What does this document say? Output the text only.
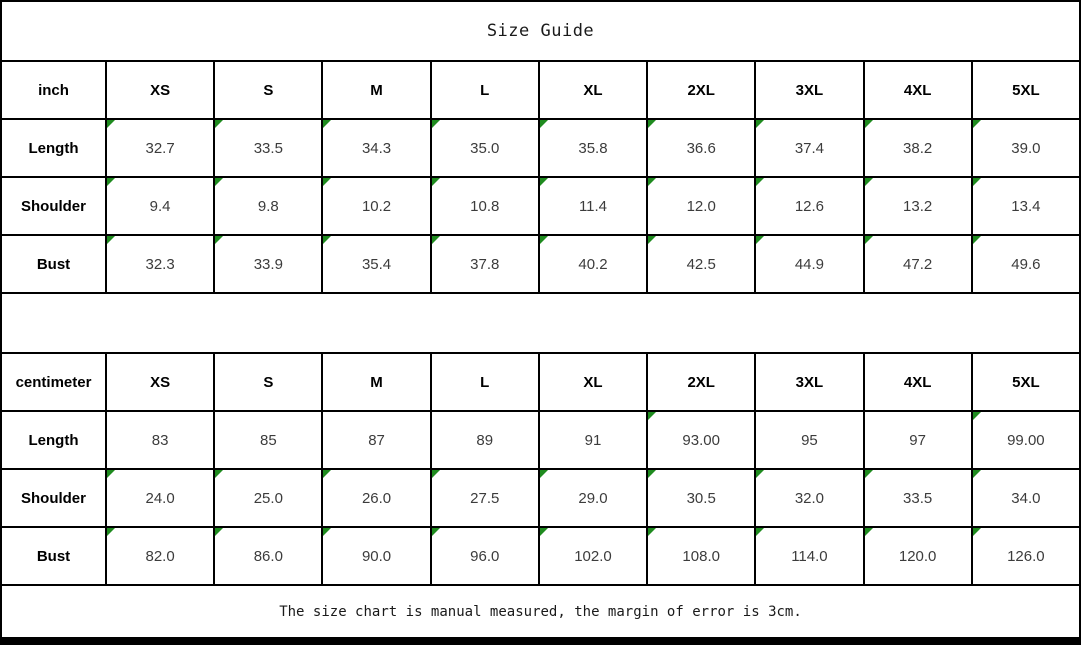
Size Guide
inch	XS	S	M	L	XL	2XL	3XL	4XL	5XL
Length	32.7	33.5	34.3	35.0	35.8	36.6	37.4	38.2	39.0
Shoulder	9.4	9.8	10.2	10.8	11.4	12.0	12.6	13.2	13.4
Bust	32.3	33.9	35.4	37.8	40.2	42.5	44.9	47.2	49.6
centimeter	XS	S	M	L	XL	2XL	3XL	4XL	5XL
Length	83	85	87	89	91	93.00	95	97	99.00
Shoulder	24.0	25.0	26.0	27.5	29.0	30.5	32.0	33.5	34.0
Bust	82.0	86.0	90.0	96.0	102.0	108.0	114.0	120.0	126.0
The size chart is manual measured, the margin of error is 3cm.
